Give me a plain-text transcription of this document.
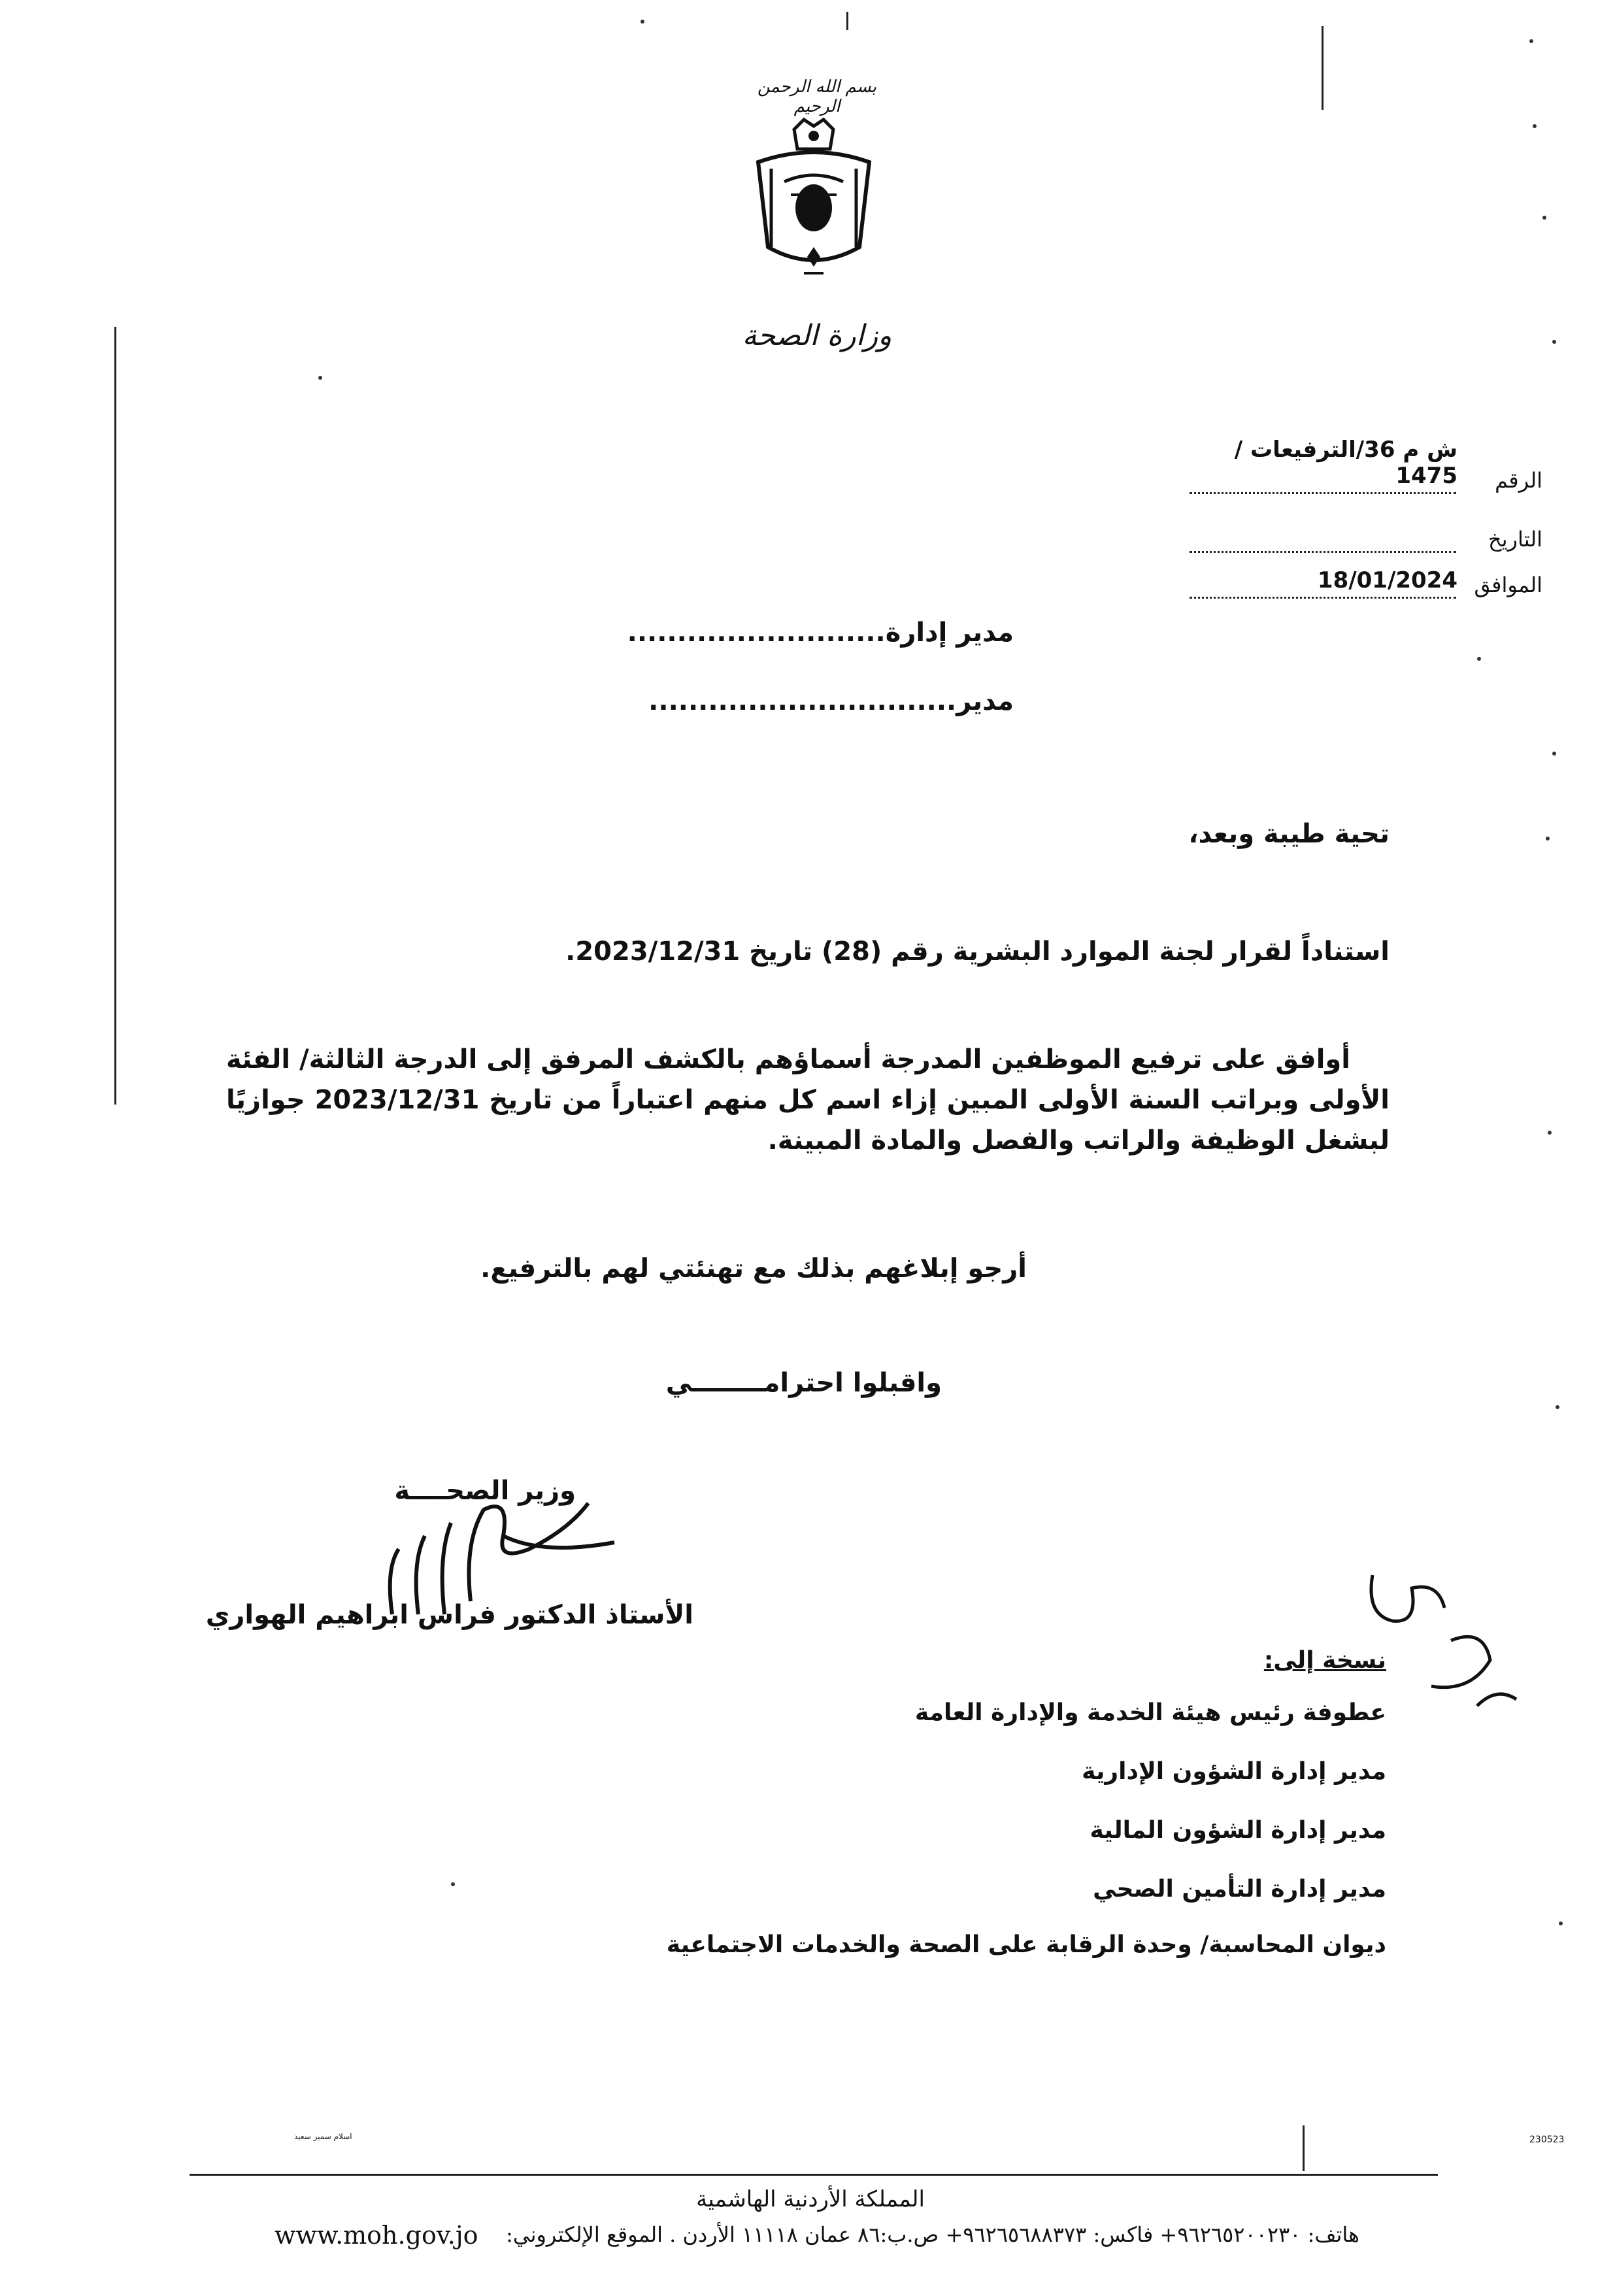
بسم الله الرحمن الرحيم
وزارة الصحة
الرقم
ش م 36/الترفيعات / 1475
التاريخ
الموافق
18/01/2024
مدير إدارة..........................
مدير...............................
تحية طيبة وبعد،
استناداً لقرار لجنة الموارد البشرية رقم (28) تاريخ 2023/12/31.
أوافق على ترفيع الموظفين المدرجة أسماؤهم بالكشف المرفق إلى الدرجة الثالثة/ الفئة الأولى وبراتب السنة الأولى المبين إزاء اسم كل منهم اعتباراً من تاريخ 2023/12/31 جوازيًا لبشغل الوظيفة والراتب والفصل والمادة المبينة.
أرجو إبلاغهم بذلك مع تهنئتي لهم بالترفيع.
واقبلوا احترامــــــــي
وزير الصحــــة
الأستاذ الدكتور فراس ابراهيم الهواري
نسخة إلى:
عطوفة رئيس هيئة الخدمة والإدارة العامة
مدير إدارة الشؤون الإدارية
مدير إدارة الشؤون المالية
مدير إدارة التأمين الصحي
ديوان المحاسبة/ وحدة الرقابة على الصحة والخدمات الاجتماعية
اسلام سمير سعيد	230523
المملكة الأردنية الهاشمية
هاتف: ٩٦٢٦٥٢٠٠٢٣٠+ فاكس: ٩٦٢٦٥٦٨٨٣٧٣+ ص.ب:٨٦ عمان ١١١١٨ الأردن . الموقع الإلكتروني:
www.moh.gov.jo
